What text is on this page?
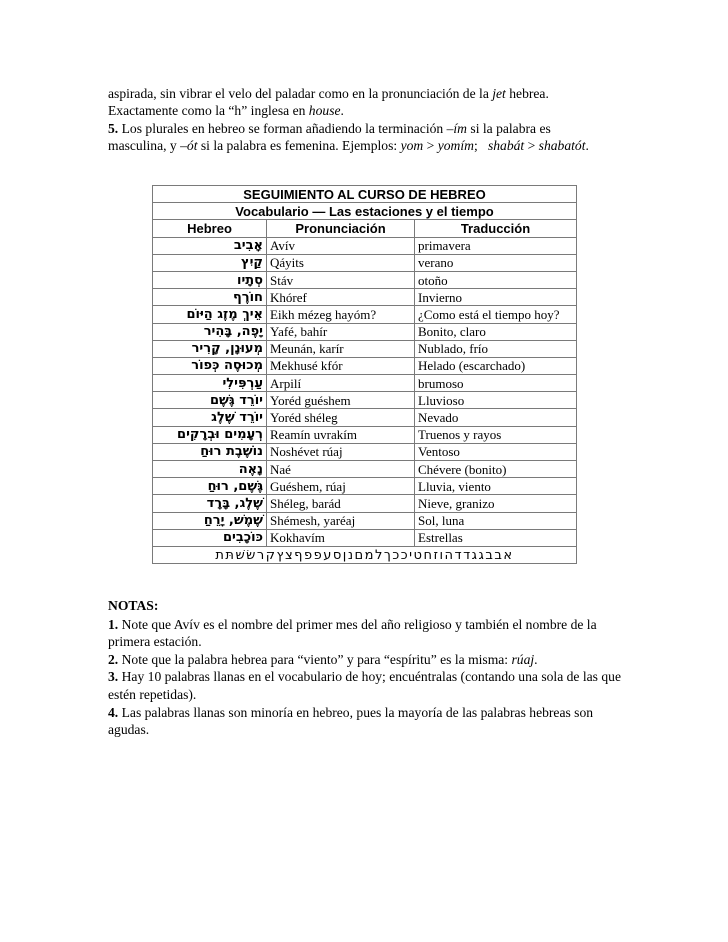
aspirada, sin vibrar el velo del paladar como en la pronunciación de la jet hebrea.

Exactamente como la “h” inglesa en house.

5. Los plurales en hebreo se forman añadiendo la terminación –ím si la palabra es

masculina, y –ót si la palabra es femenina. Ejemplos: yom > yomím;   shabát > shabatót.

SEGUIMIENTO AL CURSO DE HEBREO		
Vocabulario — Las estaciones y el tiempo		
Hebreo	Pronunciación	Traducción
אָבִיב	Avív	primavera
קַיִץ	Qáyits	verano
סְתָיו	Stáv	otoño
חוֹרֶף	Khóref	Invierno
אֵיךְ מֶזֶג הַיּוֹם	Eikh mézeg hayóm?	¿Como está el tiempo hoy?
יָפֶה, בָּהִיר	Yafé, bahír	Bonito, claro
מְעוּנָן, קָרִיר	Meunán, karír	Nublado, frío
מְכוּסֶה כְּפוֹר	Mekhusé kfór	Helado (escarchado)
עַרְפִּילִי	Arpilí	brumoso
יוֹרֵד גֶּשֶׁם	Yoréd guéshem	Lluvioso
יוֹרֵד שֶׁלֶג	Yoréd shéleg	Nevado
רְעָמִים וּבְרָקִים	Reamín uvrakím	Truenos y rayos
נוֹשֶׁבֶת רוּחַ	Noshévet rúaj	Ventoso
נָאֶה	Naé	Chévere (bonito)
גֶּשֶׁם, רוּחַ	Guéshem, rúaj	Lluvia, viento
שֶׁלֶג, בָּרָד	Shéleg, barád	Nieve, granizo
שֶׁמֶשׁ, יָרֵחַ	Shémesh, yaréaj	Sol, luna
כּוֹכָבִים	Kokhavím	Estrellas
אבבגגדדהוזחטיככךלמםנןסעפפףצץקרשׂשׁתּת		

NOTAS:

1. Note que Avív es el nombre del primer mes del año religioso y también el nombre de la primera estación.

2. Note que la palabra hebrea para “viento” y para “espíritu” es la misma: rúaj.

3. Hay 10 palabras llanas en el vocabulario de hoy; encuéntralas (contando una sola de las que estén repetidas).

4. Las palabras llanas son minoría en hebreo, pues la mayoría de las palabras hebreas son agudas.
